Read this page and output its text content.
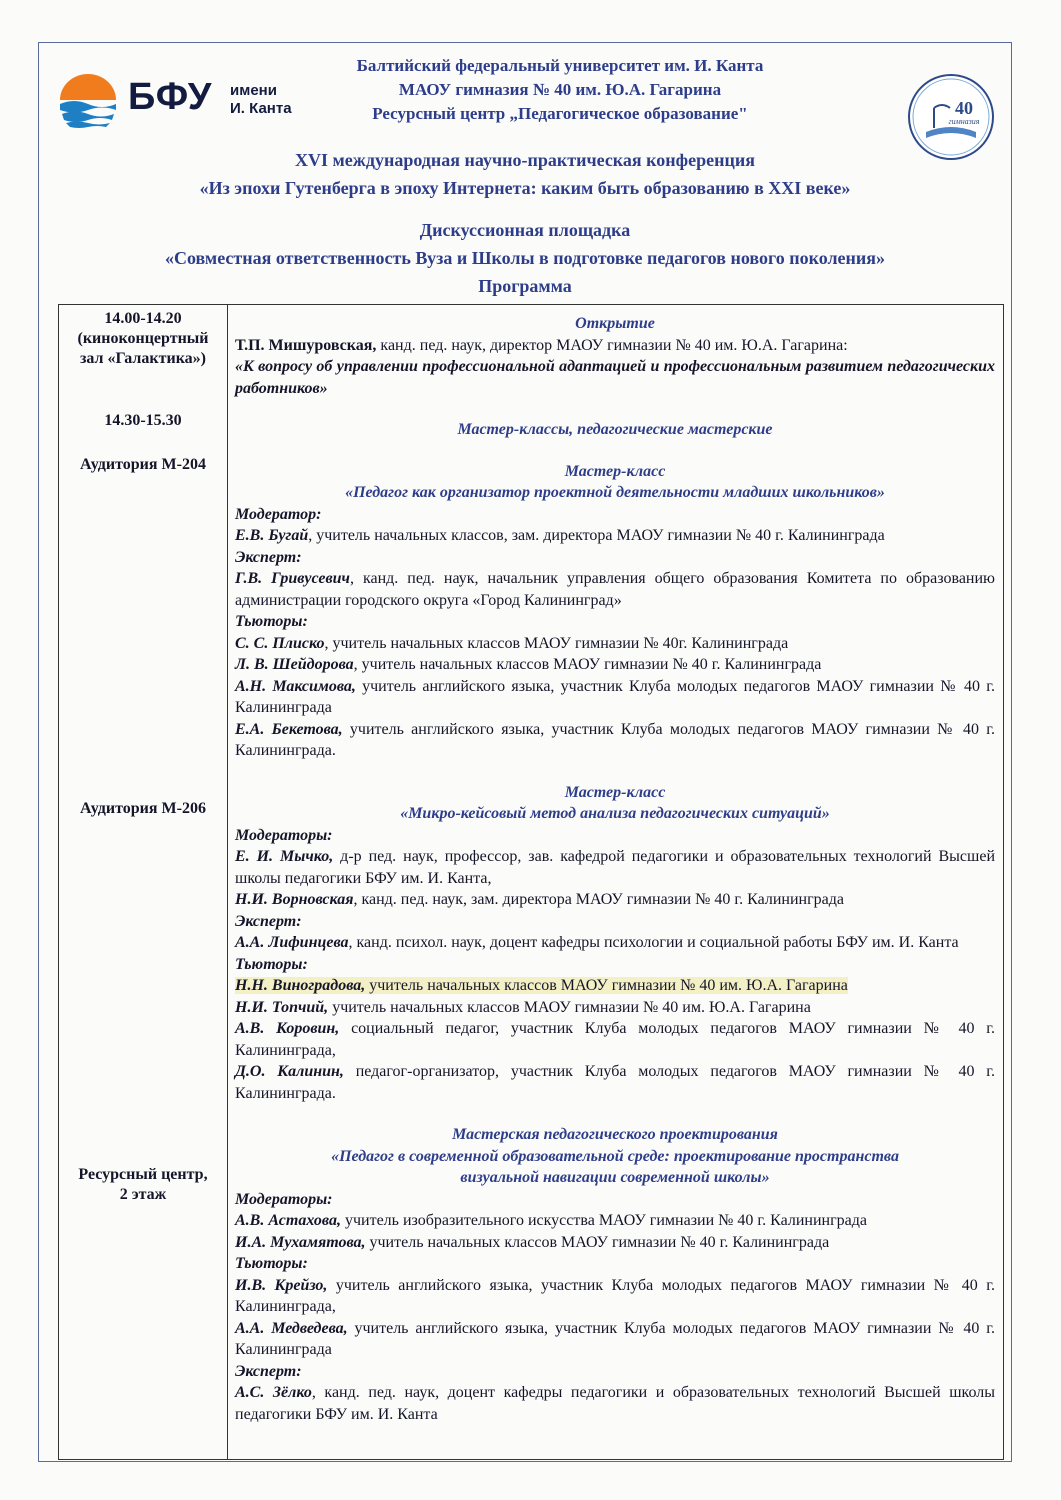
БФУ имени
И. Канта
Балтийский федеральный университет им. И. Канта
МАОУ гимназия № 40 им. Ю.А. Гагарина
Ресурсный центр „Педагогическое образование"	40
гимназия
XVI международная научно-практическая конференция
«Из эпохи Гутенберга в эпоху Интернета: каким быть образованию в XXI веке»
Дискуссионная площадка
«Совместная ответственность Вуза и Школы в подготовке педагогов нового поколения»
Программа
14.00-14.20
(киноконцертный
зал «Галактика»)
14.30-15.30
Аудитория М-204
Аудитория М-206
Ресурсный центр,
2 этаж
Открытие

Т.П. Мишуровская, канд. пед. наук, директор МАОУ гимназии № 40 им. Ю.А. Гагарина:

«К вопросу об управлении профессиональной адаптацией и профессиональным развитием педагогических работников»

Мастер-классы, педагогические мастерские
Мастер-класс
«Педагог как организатор проектной деятельности младших школьников»
Модератор:

Е.В. Бугай, учитель начальных классов, зам. директора МАОУ гимназии № 40 г. Калининграда

Эксперт:

Г.В. Гривусевич, канд. пед. наук, начальник управления общего образования Комитета по образованию администрации городского округа «Город Калининград»

Тьюторы:

С. С. Плиско, учитель начальных классов МАОУ гимназии № 40г. Калининграда

Л. В. Шейдорова, учитель начальных классов МАОУ гимназии № 40 г. Калининграда

А.Н. Максимова, учитель английского языка, участник Клуба молодых педагогов МАОУ гимназии № 40 г. Калининграда

Е.А. Бекетова, учитель английского языка, участник Клуба молодых педагогов МАОУ гимназии № 40 г. Калининграда.

Мастер-класс
«Микро-кейсовый метод анализа педагогических ситуаций»
Модераторы:

Е. И. Мычко, д-р пед. наук, профессор, зав. кафедрой педагогики и образовательных технологий Высшей школы педагогики БФУ им. И. Канта,

Н.И. Ворновская, канд. пед. наук, зам. директора МАОУ гимназии № 40 г. Калининграда

Эксперт:

А.А. Лифинцева, канд. психол. наук, доцент кафедры психологии и социальной работы БФУ им. И. Канта

Тьюторы:

Н.Н. Виноградова, учитель начальных классов МАОУ гимназии № 40 им. Ю.А. Гагарина

Н.И. Топчий, учитель начальных классов МАОУ гимназии № 40 им. Ю.А. Гагарина

А.В. Коровин, социальный педагог, участник Клуба молодых педагогов МАОУ гимназии № 40 г. Калининграда,

Д.О. Калинин, педагог-организатор, участник Клуба молодых педагогов МАОУ гимназии № 40 г. Калининграда.

Мастерская педагогического проектирования
«Педагог в современной образовательной среде: проектирование пространства
визуальной навигации современной школы»
Модераторы:

А.В. Астахова, учитель изобразительного искусства МАОУ гимназии № 40 г. Калининграда

И.А. Мухамятова, учитель начальных классов МАОУ гимназии № 40 г. Калининграда

Тьюторы:

И.В. Крейзо, учитель английского языка, участник Клуба молодых педагогов МАОУ гимназии № 40 г. Калининграда,

А.А. Медведева, учитель английского языка, участник Клуба молодых педагогов МАОУ гимназии № 40 г. Калининграда

Эксперт:

А.С. Зёлко, канд. пед. наук, доцент кафедры педагогики и образовательных технологий Высшей школы педагогики БФУ им. И. Канта
